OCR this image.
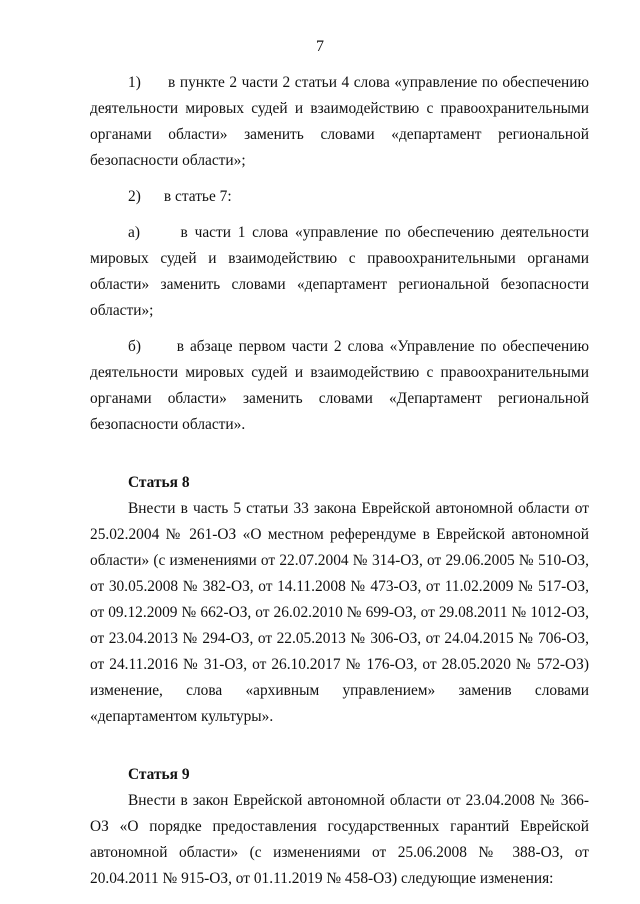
7

1)      в пункте 2 части 2 статьи 4 слова «управление по обеспечению деятельности мировых судей и взаимодействию с правоохранительными органами области» заменить словами «департамент региональной безопасности области»;

2)      в статье 7:

а)      в части 1 слова «управление по обеспечению деятельности мировых судей и взаимодействию с правоохранительными органами области» заменить словами «департамент региональной безопасности области»;

б)      в абзаце первом части 2 слова «Управление по обеспечению деятельности мировых судей и взаимодействию с правоохранительными органами области» заменить словами «Департамент региональной безопасности области».

Статья 8

Внести в часть 5 статьи 33 закона Еврейской автономной области от 25.02.2004 № 261-ОЗ «О местном референдуме в Еврейской автономной области» (с изменениями от 22.07.2004 № 314-ОЗ, от 29.06.2005 № 510-ОЗ, от 30.05.2008 № 382-ОЗ, от 14.11.2008 № 473-ОЗ, от 11.02.2009 № 517-ОЗ, от 09.12.2009 № 662-ОЗ, от 26.02.2010 № 699-ОЗ, от 29.08.2011 № 1012-ОЗ, от 23.04.2013 № 294-ОЗ, от 22.05.2013 № 306-ОЗ, от 24.04.2015 № 706-ОЗ, от 24.11.2016 № 31-ОЗ, от 26.10.2017 № 176-ОЗ, от 28.05.2020 № 572-ОЗ) изменение, слова «архивным управлением» заменив словами «департаментом культуры».

Статья 9

Внести в закон Еврейской автономной области от 23.04.2008 № 366-ОЗ «О порядке предоставления государственных гарантий Еврейской автономной области» (с изменениями от 25.06.2008 № 388-ОЗ, от 20.04.2011 № 915-ОЗ, от 01.11.2019 № 458-ОЗ) следующие изменения:
